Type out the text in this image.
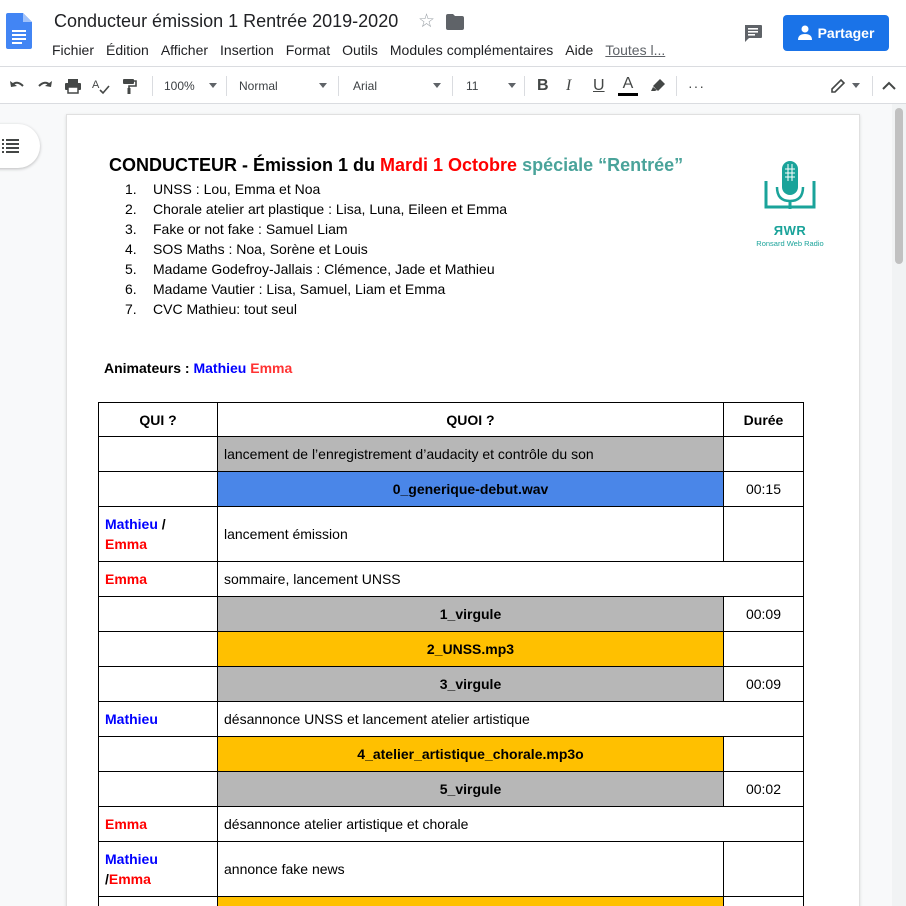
Conducteur émission 1 Rentrée 2019-2020 ☆
Fichier Édition Afficher Insertion Format Outils Modules complémentaires Aide Toutes l...
Partager
A	100%	Normal	Arial	11	B I U A	···
CONDUCTEUR - Émission 1 du Mardi 1 Octobre spéciale “Rentrée”
1. UNSS : Lou, Emma et Noa
2. Chorale atelier art plastique : Lisa, Luna, Eileen et Emma
3. Fake or not fake : Samuel Liam
4. SOS Maths : Noa, Sorène et Louis
5. Madame Godefroy-Jallais : Clémence, Jade et Mathieu
6. Madame Vautier : Lisa, Samuel, Liam et Emma
7. CVC Mathieu: tout seul
ЯWR
Ronsard Web Radio
Animateurs : Mathieu Emma
QUI ?	QUOI ?	Durée
	lancement de l’enregistrement d’audacity et contrôle du son	
	0_generique-debut.wav	00:15
Mathieu /
Emma	lancement émission	
Emma	sommaire, lancement UNSS	
	1_virgule	00:09
	2_UNSS.mp3	
	3_virgule	00:09
Mathieu	désannonce UNSS et lancement atelier artistique	
	4_atelier_artistique_chorale.mp3o	
	5_virgule	00:02
Emma	désannonce atelier artistique et chorale	
Mathieu
/Emma	annonce fake news	
